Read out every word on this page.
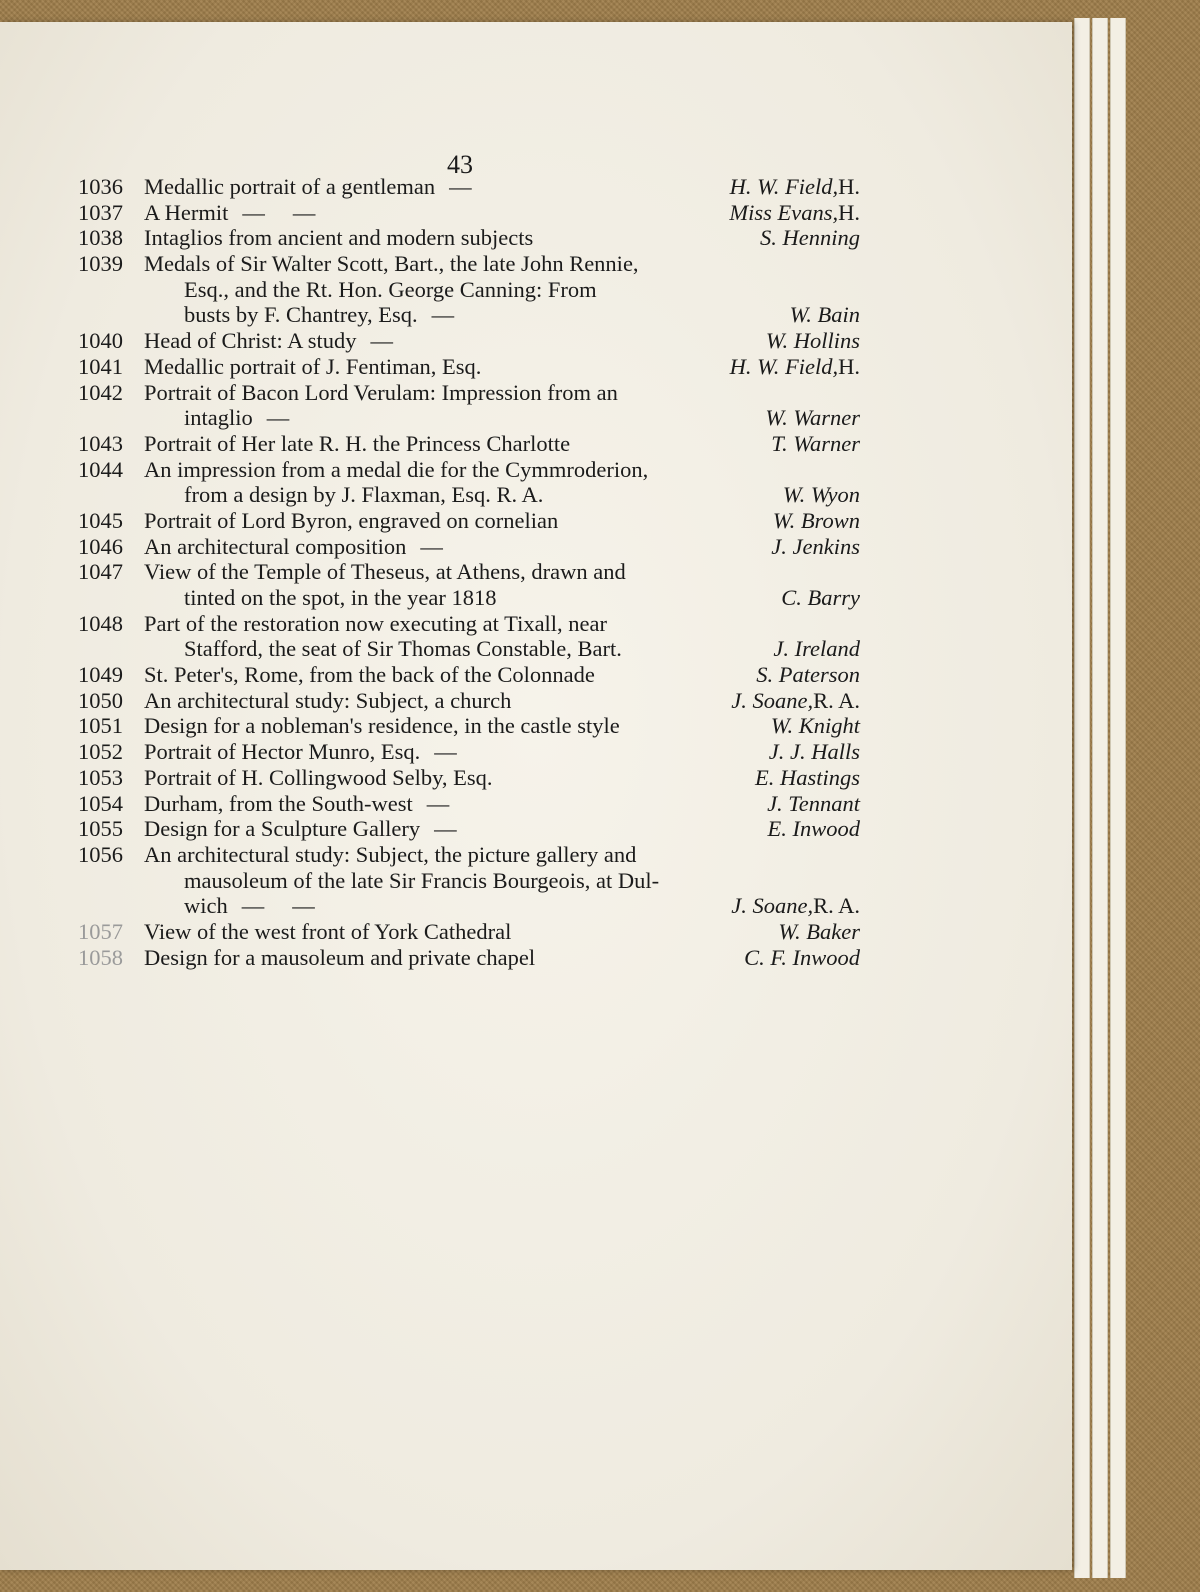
43
1036 Medallic portrait of a gentleman —	H. W. Field, H.
1037 A Hermit — —	Miss Evans, H.
1038 Intaglios from ancient and modern subjects	S. Henning
1039 Medals of Sir Walter Scott, Bart., the late John Rennie,
Esq., and the Rt. Hon. George Canning: From
busts by F. Chantrey, Esq. —	W. Bain
1040 Head of Christ: A study —	W. Hollins
1041 Medallic portrait of J. Fentiman, Esq.	H. W. Field, H.
1042 Portrait of Bacon Lord Verulam: Impression from an
intaglio —	W. Warner
1043 Portrait of Her late R. H. the Princess Charlotte	T. Warner
1044 An impression from a medal die for the Cymmroderion,
from a design by J. Flaxman, Esq. R. A.	W. Wyon
1045 Portrait of Lord Byron, engraved on cornelian	W. Brown
1046 An architectural composition —	J. Jenkins
1047 View of the Temple of Theseus, at Athens, drawn and
tinted on the spot, in the year 1818	C. Barry
1048 Part of the restoration now executing at Tixall, near
Stafford, the seat of Sir Thomas Constable, Bart.	J. Ireland
1049 St. Peter's, Rome, from the back of the Colonnade	S. Paterson
1050 An architectural study: Subject, a church	J. Soane, R. A.
1051 Design for a nobleman's residence, in the castle style	W. Knight
1052 Portrait of Hector Munro, Esq. —	J. J. Halls
1053 Portrait of H. Collingwood Selby, Esq.	E. Hastings
1054 Durham, from the South-west —	J. Tennant
1055 Design for a Sculpture Gallery —	E. Inwood
1056 An architectural study: Subject, the picture gallery and
mausoleum of the late Sir Francis Bourgeois, at Dul-
wich — —	J. Soane, R. A.
1057 View of the west front of York Cathedral	W. Baker
1058 Design for a mausoleum and private chapel	C. F. Inwood
